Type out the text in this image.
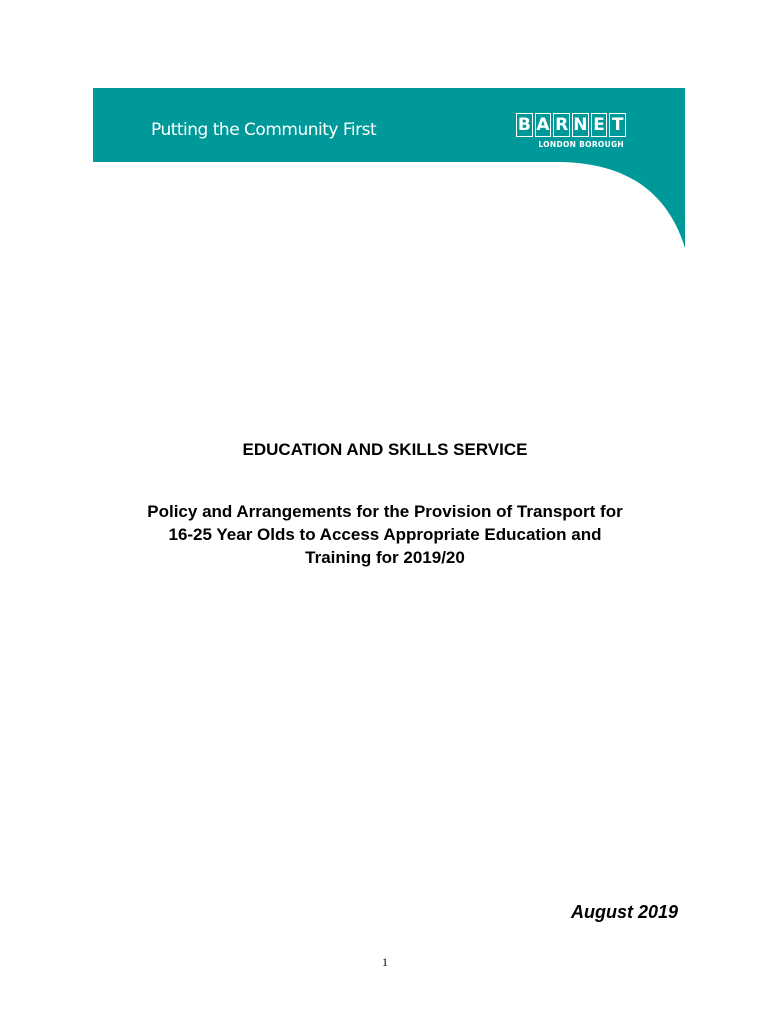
Putting the Community First	B A R N E T
LONDON BOROUGH
EDUCATION AND SKILLS SERVICE
Policy and Arrangements for the Provision of Transport for
16-25 Year Olds to Access Appropriate Education and
Training for 2019/20
August 2019
1
